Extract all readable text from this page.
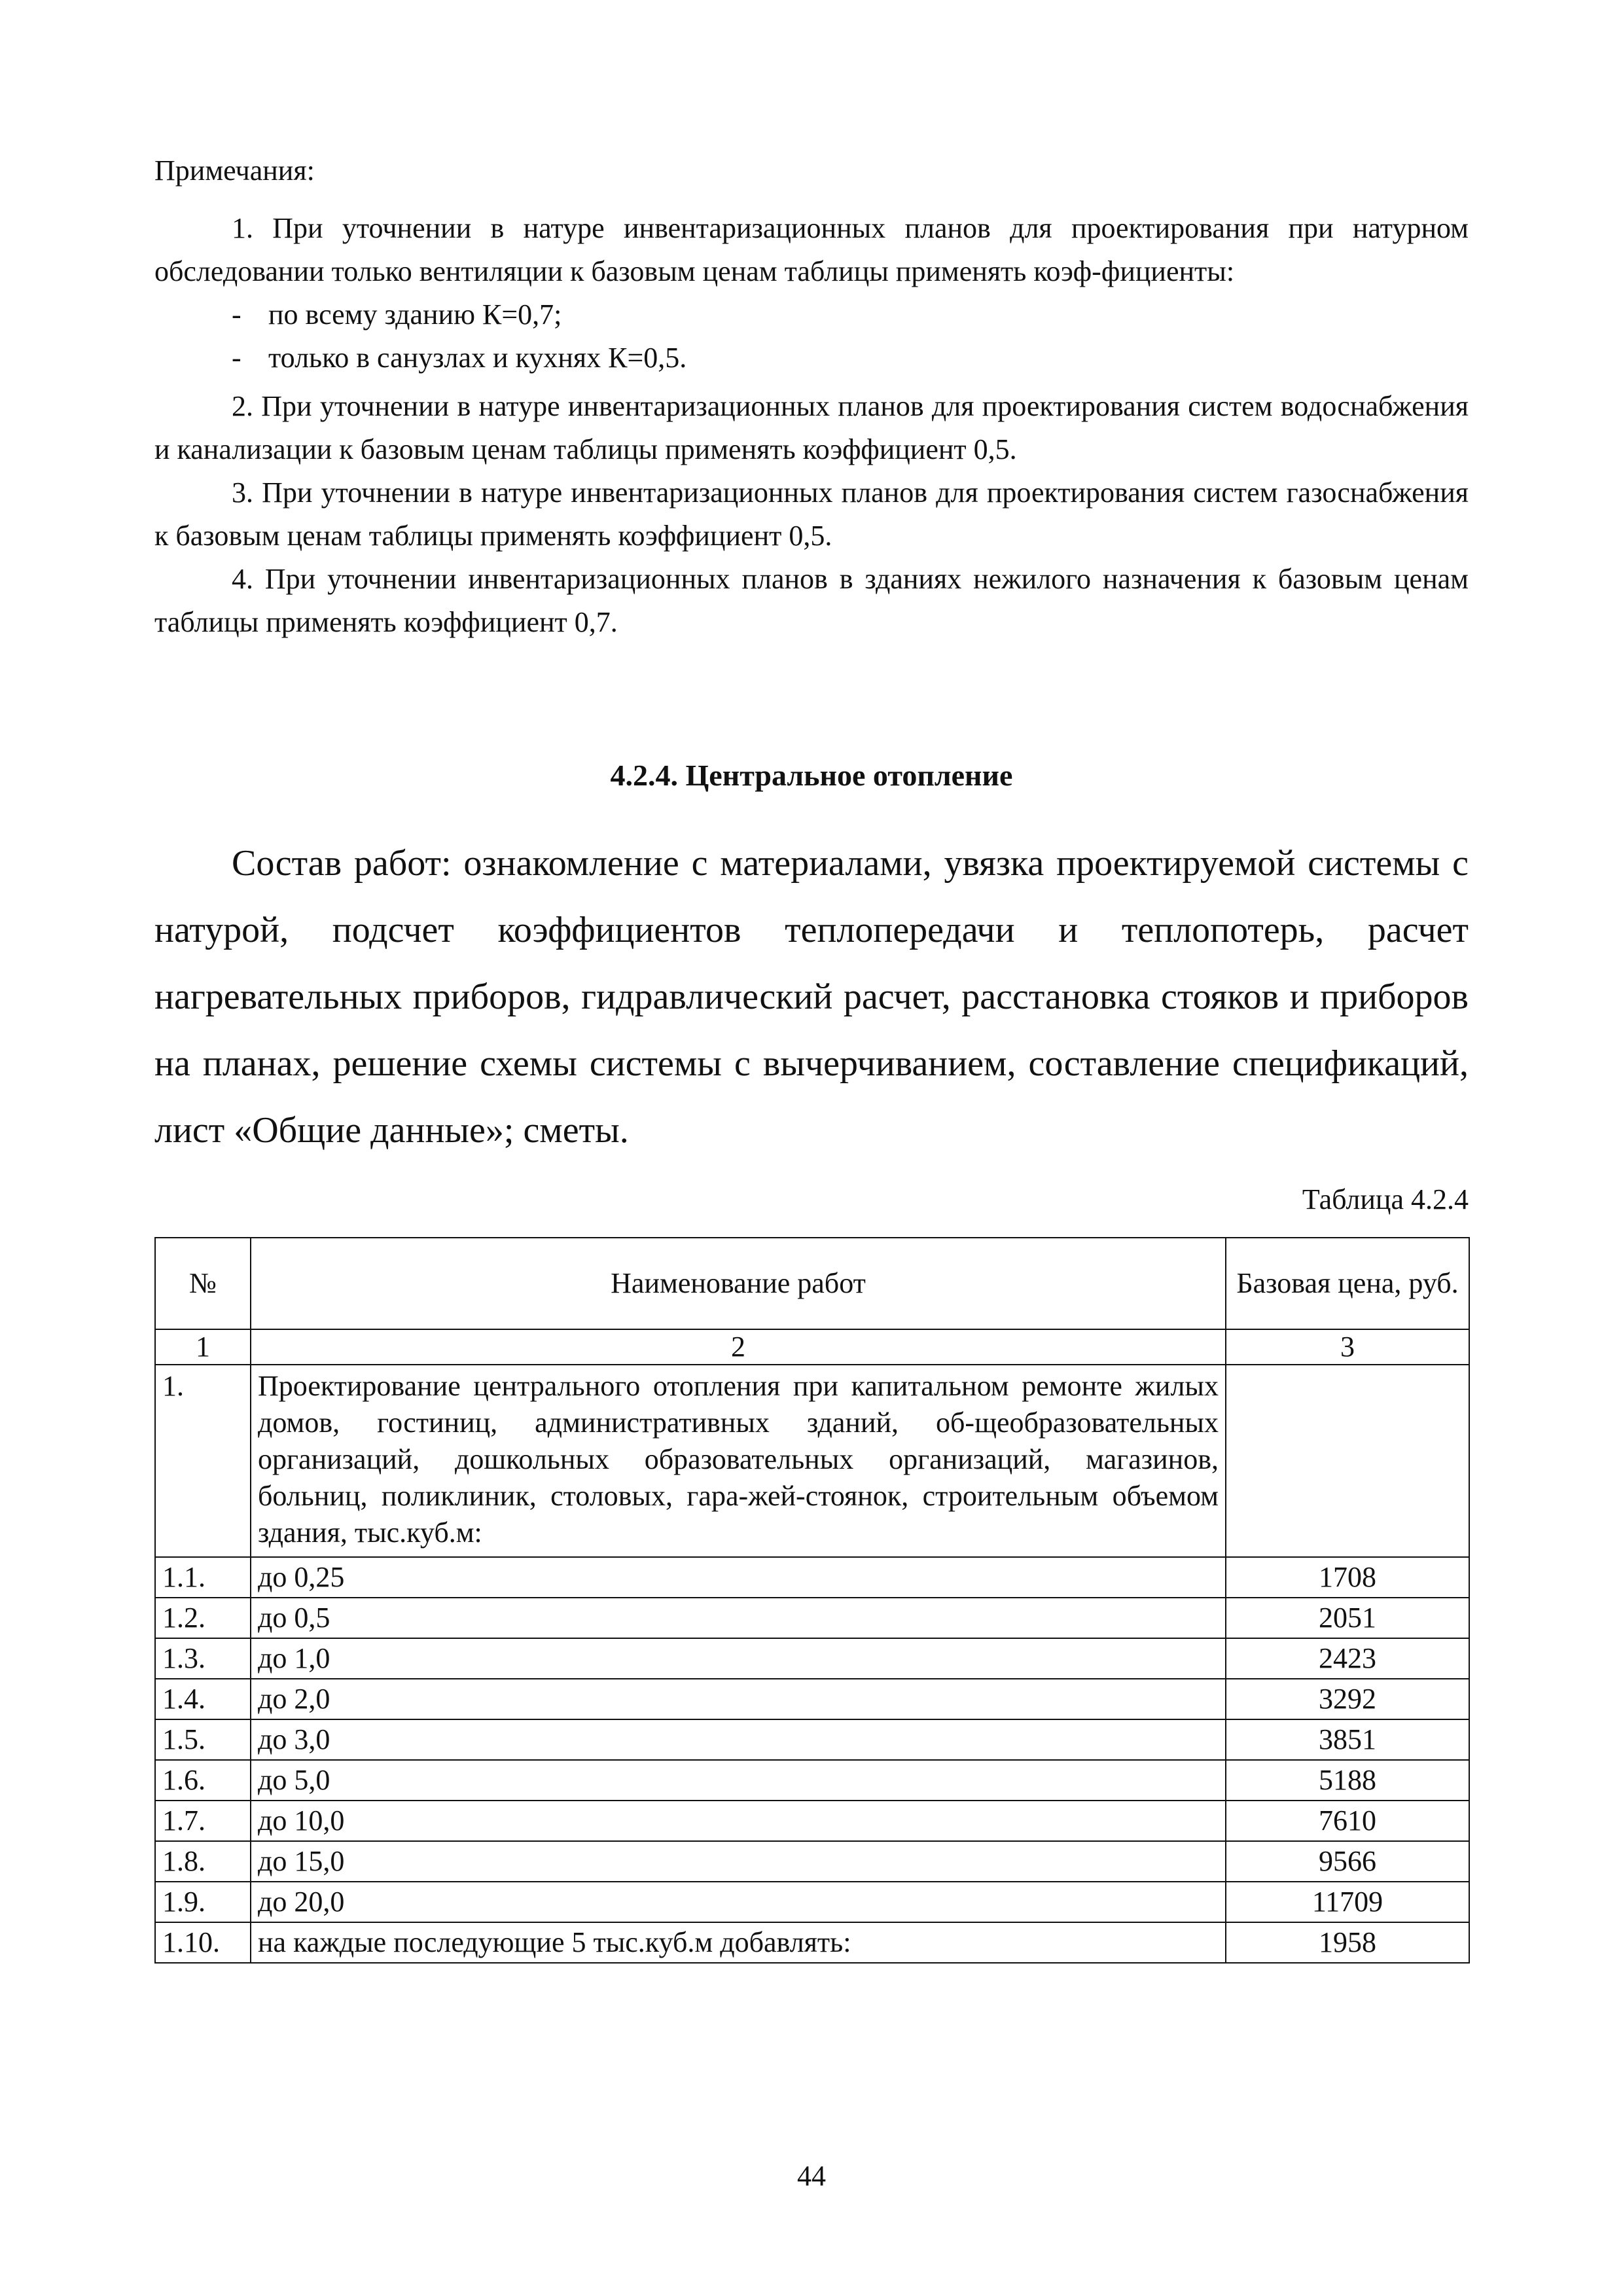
Примечания:

1. При уточнении в натуре инвентаризационных планов для проектирования при натурном обследовании только вентиляции к базовым ценам таблицы применять коэф-фициенты:

- по всему зданию К=0,7;

- только в санузлах и кухнях К=0,5.

2. При уточнении в натуре инвентаризационных планов для проектирования систем водоснабжения и канализации к базовым ценам таблицы применять коэффициент 0,5.

3. При уточнении в натуре инвентаризационных планов для проектирования систем газоснабжения к базовым ценам таблицы применять коэффициент 0,5.

4. При уточнении инвентаризационных планов в зданиях нежилого назначения к базовым ценам таблицы применять коэффициент 0,7.

4.2.4. Центральное отопление

Состав работ: ознакомление с материалами, увязка проектируемой системы с натурой, подсчет коэффициентов теплопередачи и теплопотерь, расчет нагревательных приборов, гидравлический расчет, расстановка стояков и приборов на планах, решение схемы системы с вычерчиванием, составление спецификаций, лист «Общие данные»; сметы.

Таблица 4.2.4
№	Наименование работ	Базовая цена, руб.
1	2	3
1.	Проектирование центрального отопления при капитальном ремонте жилых домов, гостиниц, административных зданий, об-щеобразовательных организаций, дошкольных образовательных организаций, магазинов, больниц, поликлиник, столовых, гара-жей-стоянок, строительным объемом здания, тыс.куб.м:	
1.1.	до 0,25	1708
1.2.	до 0,5	2051
1.3.	до 1,0	2423
1.4.	до 2,0	3292
1.5.	до 3,0	3851
1.6.	до 5,0	5188
1.7.	до 10,0	7610
1.8.	до 15,0	9566
1.9.	до 20,0	11709
1.10.	на каждые последующие 5 тыс.куб.м добавлять:	1958
44
